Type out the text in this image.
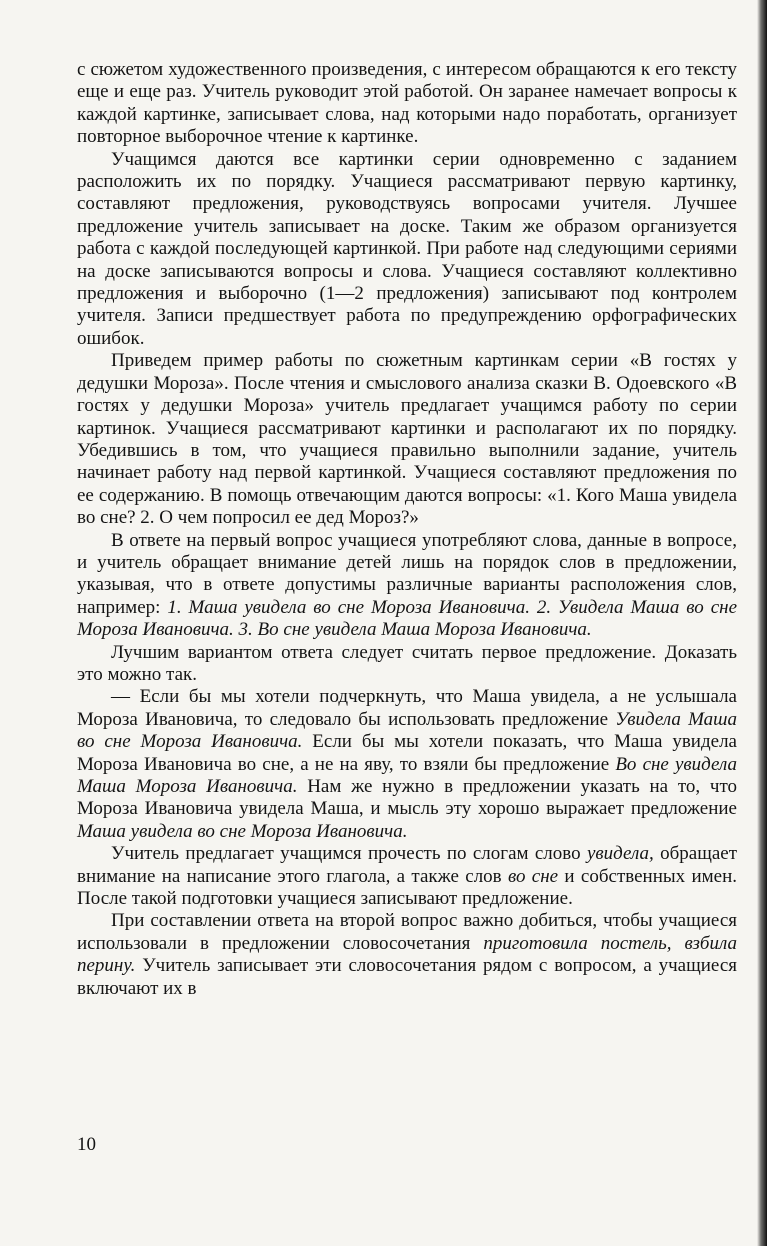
с сюжетом художественного произведения, с интересом обращаются к его тексту еще и еще раз. Учитель руководит этой работой. Он заранее намечает вопросы к каждой картинке, записывает слова, над которыми надо поработать, организует повторное выборочное чтение к картинке.

Учащимся даются все картинки серии одновременно с заданием расположить их по порядку. Учащиеся рассматривают первую картинку, составляют предложения, руководствуясь вопросами учителя. Лучшее предложение учитель записывает на доске. Таким же образом организуется работа с каждой последующей картинкой. При работе над следующими сериями на доске записываются вопросы и слова. Учащиеся составляют коллективно предложения и выборочно (1—2 предложения) записывают под контролем учителя. Записи предшествует работа по предупреждению орфографических ошибок.

Приведем пример работы по сюжетным картинкам серии «В гостях у дедушки Мороза». После чтения и смыслового анализа сказки В. Одоевского «В гостях у дедушки Мороза» учитель предлагает учащимся работу по серии картинок. Учащиеся рассматривают картинки и располагают их по порядку. Убедившись в том, что учащиеся правильно выполнили задание, учитель начинает работу над первой картинкой. Учащиеся составляют предложения по ее содержанию. В помощь отвечающим даются вопросы: «1. Кого Маша увидела во сне? 2. О чем попросил ее дед Мороз?»

В ответе на первый вопрос учащиеся употребляют слова, данные в вопросе, и учитель обращает внимание детей лишь на порядок слов в предложении, указывая, что в ответе допустимы различные варианты расположения слов, например: 1. Маша увидела во сне Мороза Ивановича. 2. Увидела Маша во сне Мороза Ивановича. 3. Во сне увидела Маша Мороза Ивановича.

Лучшим вариантом ответа следует считать первое предложение. Доказать это можно так.

— Если бы мы хотели подчеркнуть, что Маша увидела, а не услышала Мороза Ивановича, то следовало бы использовать предложение Увидела Маша во сне Мороза Ивановича. Если бы мы хотели показать, что Маша увидела Мороза Ивановича во сне, а не на яву, то взяли бы предложение Во сне увидела Маша Мороза Ивановича. Нам же нужно в предложении указать на то, что Мороза Ивановича увидела Маша, и мысль эту хорошо выражает предложение Маша увидела во сне Мороза Ивановича.

Учитель предлагает учащимся прочесть по слогам слово увидела, обращает внимание на написание этого глагола, а также слов во сне и собственных имен. После такой подготовки учащиеся записывают предложение.

При составлении ответа на второй вопрос важно добиться, чтобы учащиеся использовали в предложении словосочетания приготовила постель, взбила перину. Учитель записывает эти словосочетания рядом с вопросом, а учащиеся включают их в

10
